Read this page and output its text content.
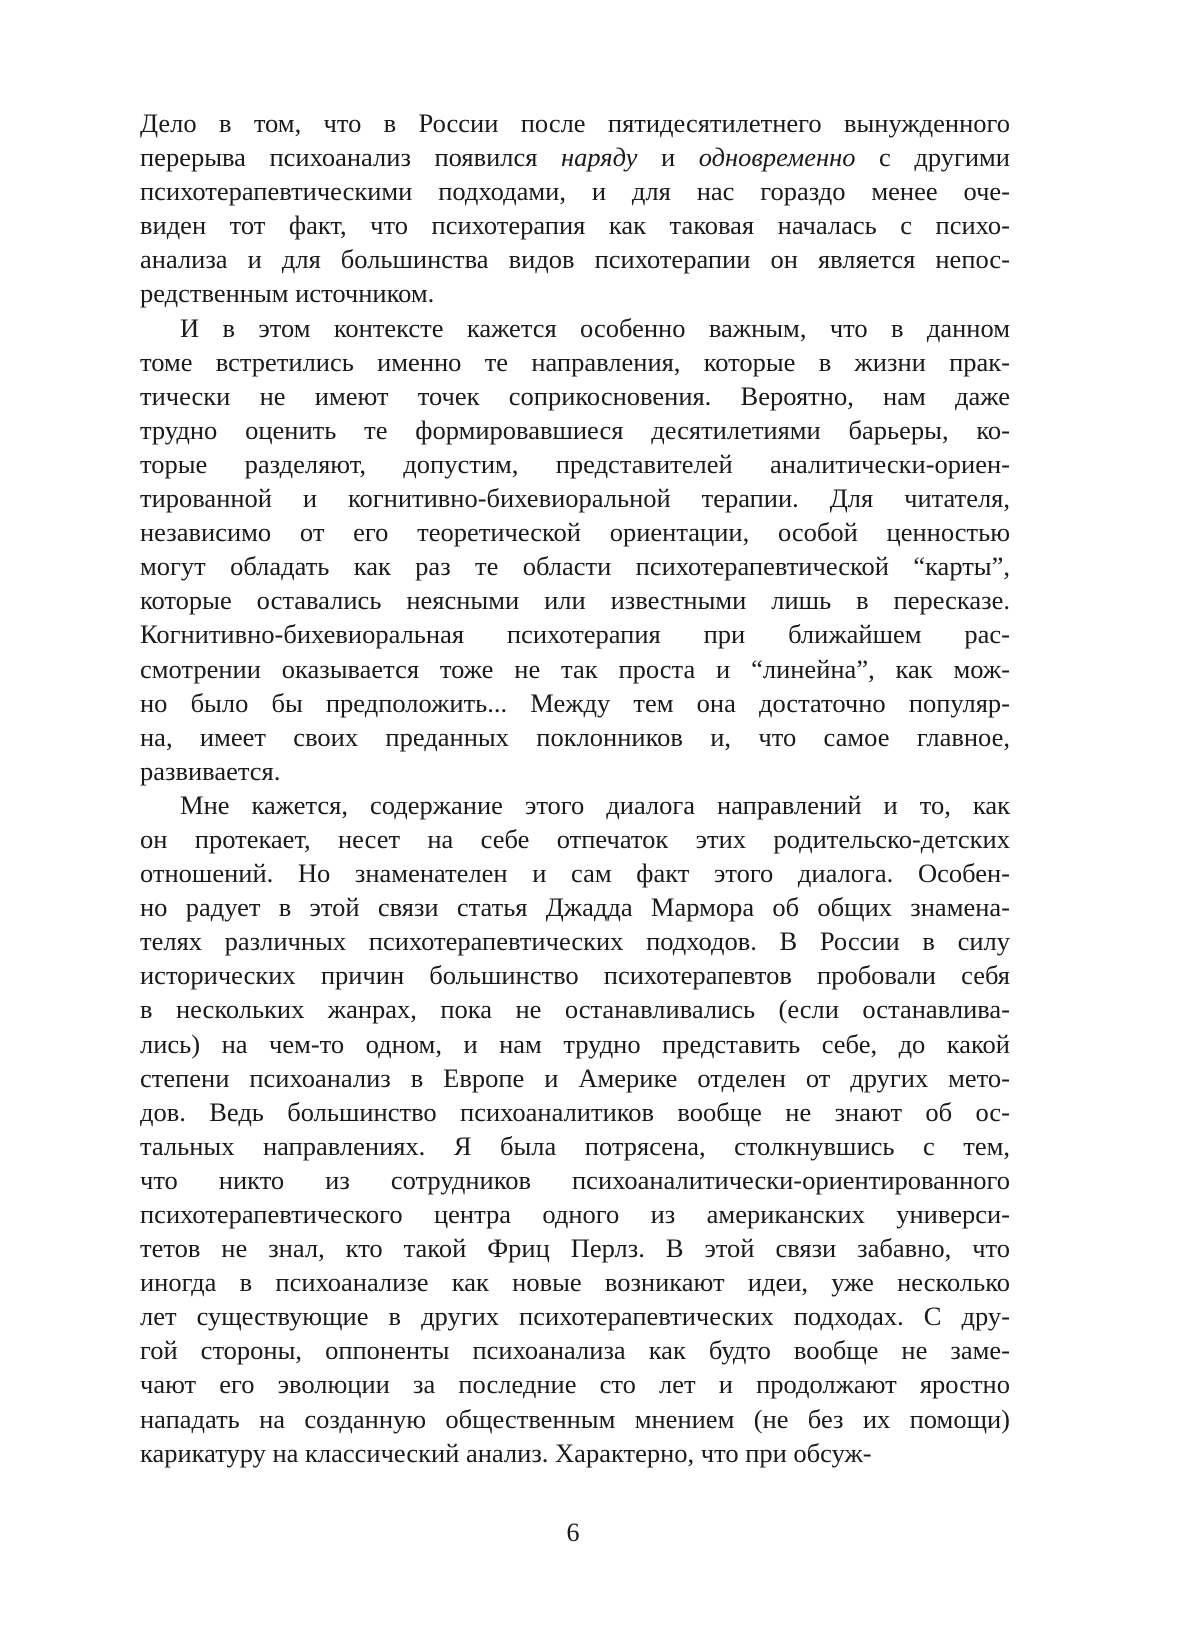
Дело в том, что в России после пятидесятилетнего вынужденного
перерыва психоанализ появился наряду и одновременно с другими
психотерапевтическими подходами, и для нас гораздо менее оче-
виден тот факт, что психотерапия как таковая началась с психо-
анализа и для большинства видов психотерапии он является непос-
редственным источником.
И в этом контексте кажется особенно важным, что в данном
томе встретились именно те направления, которые в жизни прак-
тически не имеют точек соприкосновения. Вероятно, нам даже
трудно оценить те формировавшиеся десятилетиями барьеры, ко-
торые разделяют, допустим, представителей аналитически-ориен-
тированной и когнитивно-бихевиоральной терапии. Для читателя,
независимо от его теоретической ориентации, особой ценностью
могут обладать как раз те области психотерапевтической “карты”,
которые оставались неясными или известными лишь в пересказе.
Когнитивно-бихевиоральная психотерапия при ближайшем рас-
смотрении оказывается тоже не так проста и “линейна”, как мож-
но было бы предположить... Между тем она достаточно популяр-
на, имеет своих преданных поклонников и, что самое главное,
развивается.
Мне кажется, содержание этого диалога направлений и то, как
он протекает, несет на себе отпечаток этих родительско-детских
отношений. Но знаменателен и сам факт этого диалога. Особен-
но радует в этой связи статья Джадда Мармора об общих знамена-
телях различных психотерапевтических подходов. В России в силу
исторических причин большинство психотерапевтов пробовали себя
в нескольких жанрах, пока не останавливались (если останавлива-
лись) на чем-то одном, и нам трудно представить себе, до какой
степени психоанализ в Европе и Америке отделен от других мето-
дов. Ведь большинство психоаналитиков вообще не знают об ос-
тальных направлениях. Я была потрясена, столкнувшись с тем,
что никто из сотрудников психоаналитически-ориентированного
психотерапевтического центра одного из американских универси-
тетов не знал, кто такой Фриц Перлз. В этой связи забавно, что
иногда в психоанализе как новые возникают идеи, уже несколько
лет существующие в других психотерапевтических подходах. С дру-
гой стороны, оппоненты психоанализа как будто вообще не заме-
чают его эволюции за последние сто лет и продолжают яростно
нападать на созданную общественным мнением (не без их помощи)
карикатуру на классический анализ. Характерно, что при обсуж-
6
